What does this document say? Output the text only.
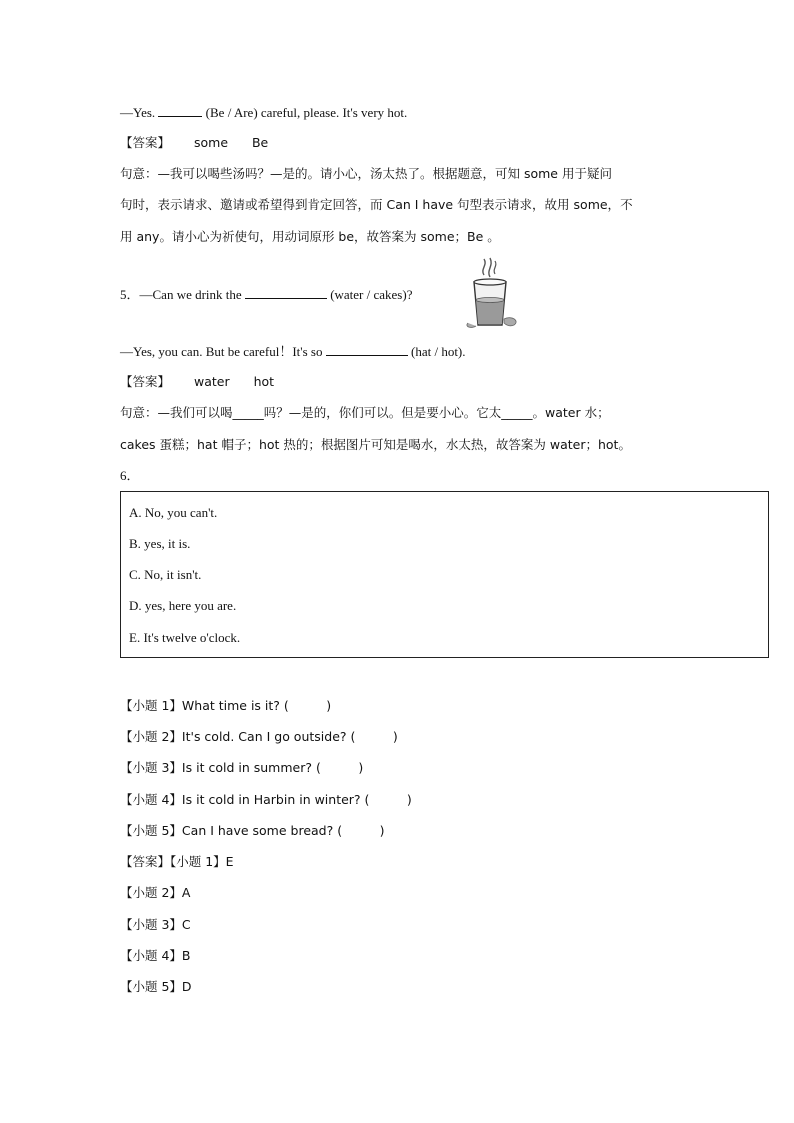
—Yes.	(Be / Are) careful, please. It's very hot.
【答案】 some Be
句意：—我可以喝些汤吗？—是的。请小心，汤太热了。根据题意，可知 some 用于疑问
句时，表示请求、邀请或希望得到肯定回答，而 Can I have 句型表示请求，故用 some，不
用 any。请小心为祈使句，用动词原形 be，故答案为 some；Be 。
5．—Can we drink the	(water / cakes)?
—Yes, you can. But be careful！It's so	(hat / hot).
【答案】 water hot
句意：—我们可以喝_____吗？—是的，你们可以。但是要小心。它太_____。water 水；
cakes 蛋糕；hat 帽子；hot 热的；根据图片可知是喝水，水太热，故答案为 water；hot。
6．
A. No, you can't.
B. yes, it is.
C. No, it isn't.
D. yes, here you are.
E. It's twelve o'clock.
【小题 1】What time is it? (　　　)
【小题 2】It's cold. Can I go outside? (　　　)
【小题 3】Is it cold in summer? (　　　)
【小题 4】Is it cold in Harbin in winter? (　　　)
【小题 5】Can I have some bread? (　　　)
【答案】【小题 1】E
【小题 2】A
【小题 3】C
【小题 4】B
【小题 5】D
